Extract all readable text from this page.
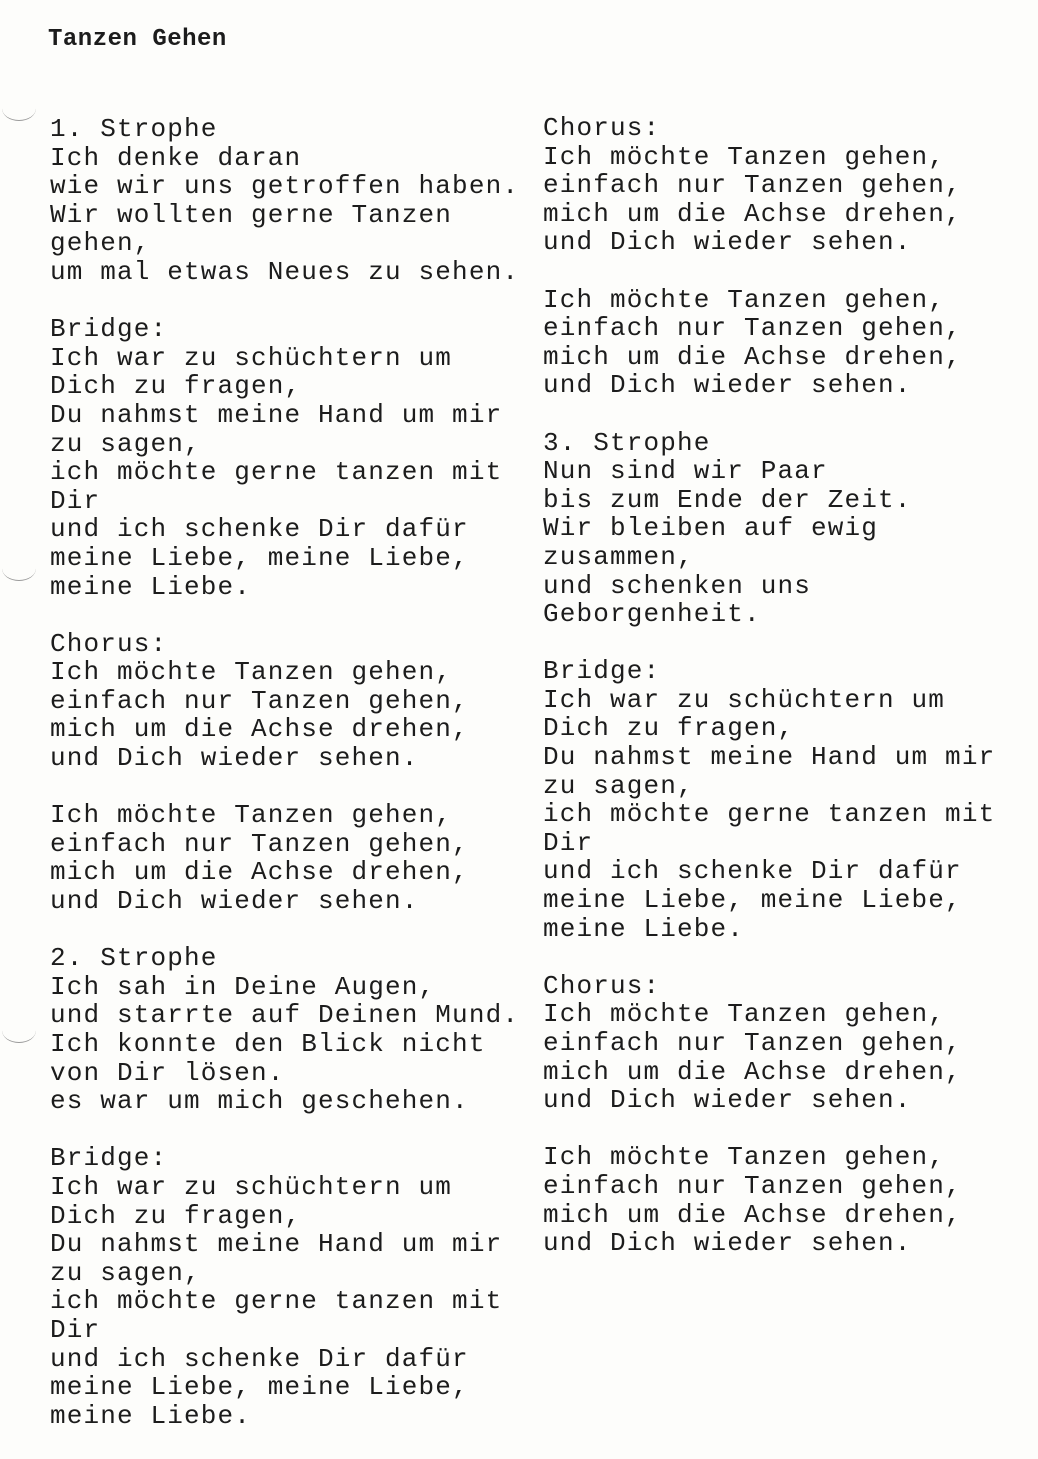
Tanzen Gehen
1. Strophe
Ich denke daran
wie wir uns getroffen haben.
Wir wollten gerne Tanzen
gehen,
um mal etwas Neues zu sehen.
Bridge:
Ich war zu schüchtern um
Dich zu fragen,
Du nahmst meine Hand um mir
zu sagen,
ich möchte gerne tanzen mit
Dir
und ich schenke Dir dafür
meine Liebe, meine Liebe,
meine Liebe.
Chorus:
Ich möchte Tanzen gehen,
einfach nur Tanzen gehen,
mich um die Achse drehen,
und Dich wieder sehen.
Ich möchte Tanzen gehen,
einfach nur Tanzen gehen,
mich um die Achse drehen,
und Dich wieder sehen.
2. Strophe
Ich sah in Deine Augen,
und starrte auf Deinen Mund.
Ich konnte den Blick nicht
von Dir lösen.
es war um mich geschehen.
Bridge:
Ich war zu schüchtern um
Dich zu fragen,
Du nahmst meine Hand um mir
zu sagen,
ich möchte gerne tanzen mit
Dir
und ich schenke Dir dafür
meine Liebe, meine Liebe,
meine Liebe.
Chorus:
Ich möchte Tanzen gehen,
einfach nur Tanzen gehen,
mich um die Achse drehen,
und Dich wieder sehen.
Ich möchte Tanzen gehen,
einfach nur Tanzen gehen,
mich um die Achse drehen,
und Dich wieder sehen.
3. Strophe
Nun sind wir Paar
bis zum Ende der Zeit.
Wir bleiben auf ewig
zusammen,
und schenken uns
Geborgenheit.
Bridge:
Ich war zu schüchtern um
Dich zu fragen,
Du nahmst meine Hand um mir
zu sagen,
ich möchte gerne tanzen mit
Dir
und ich schenke Dir dafür
meine Liebe, meine Liebe,
meine Liebe.
Chorus:
Ich möchte Tanzen gehen,
einfach nur Tanzen gehen,
mich um die Achse drehen,
und Dich wieder sehen.
Ich möchte Tanzen gehen,
einfach nur Tanzen gehen,
mich um die Achse drehen,
und Dich wieder sehen.
